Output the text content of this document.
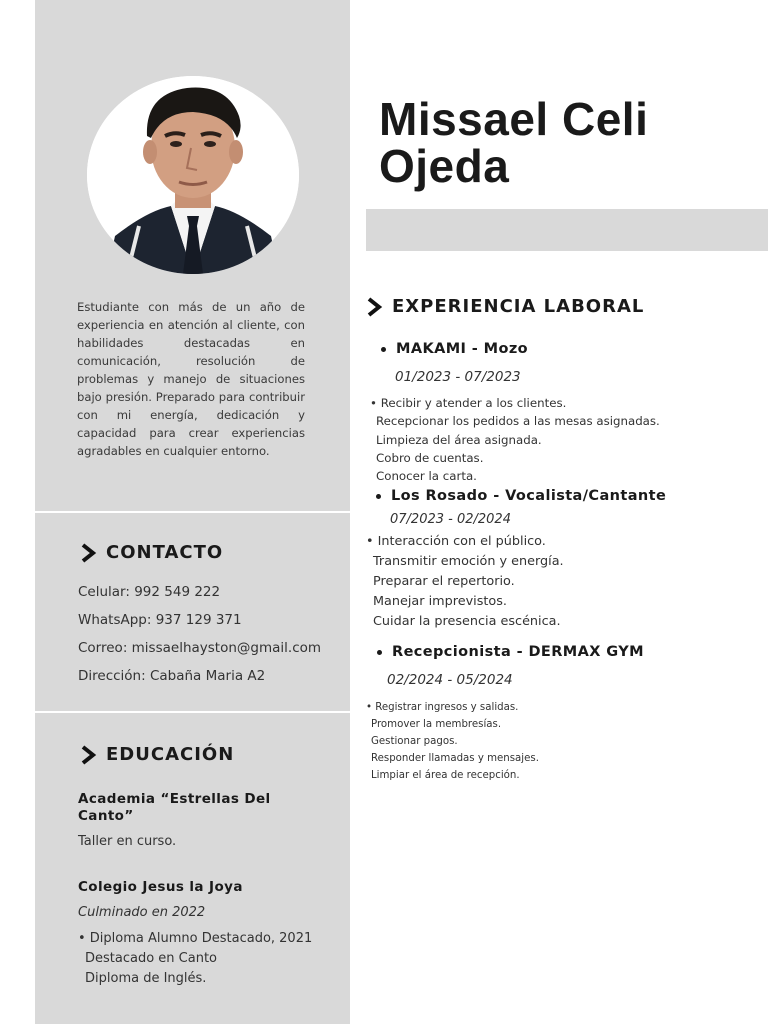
Estudiante con más de un año de experiencia en atención al cliente, con habilidades destacadas en comunicación, resolución de problemas y manejo de situaciones bajo presión. Preparado para contribuir con mi energía, dedicación y capacidad para crear experiencias agradables en cualquier entorno.
CONTACTO
Celular: 992 549 222
WhatsApp: 937 129 371
Correo: missaelhayston@gmail.com
Dirección: Cabaña Maria A2
EDUCACIÓN
Academia “Estrellas Del
Canto”
Taller en curso.
Colegio Jesus la Joya
Culminado en 2022
• Diploma Alumno Destacado, 2021
Destacado en Canto
Diploma de Inglés.
Missael Celi
Ojeda
EXPERIENCIA LABORAL
MAKAMI - Mozo
01/2023 - 07/2023
• Recibir y atender a los clientes.
Recepcionar los pedidos a las mesas asignadas.
Limpieza del área asignada.
Cobro de cuentas.
Conocer la carta.
Los Rosado - Vocalista/Cantante
07/2023 - 02/2024
• Interacción con el público.
Transmitir emoción y energía.
Preparar el repertorio.
Manejar imprevistos.
Cuidar la presencia escénica.
Recepcionista - DERMAX GYM
02/2024 - 05/2024
• Registrar ingresos y salidas.
Promover la membresías.
Gestionar pagos.
Responder llamadas y mensajes.
Limpiar el área de recepción.
